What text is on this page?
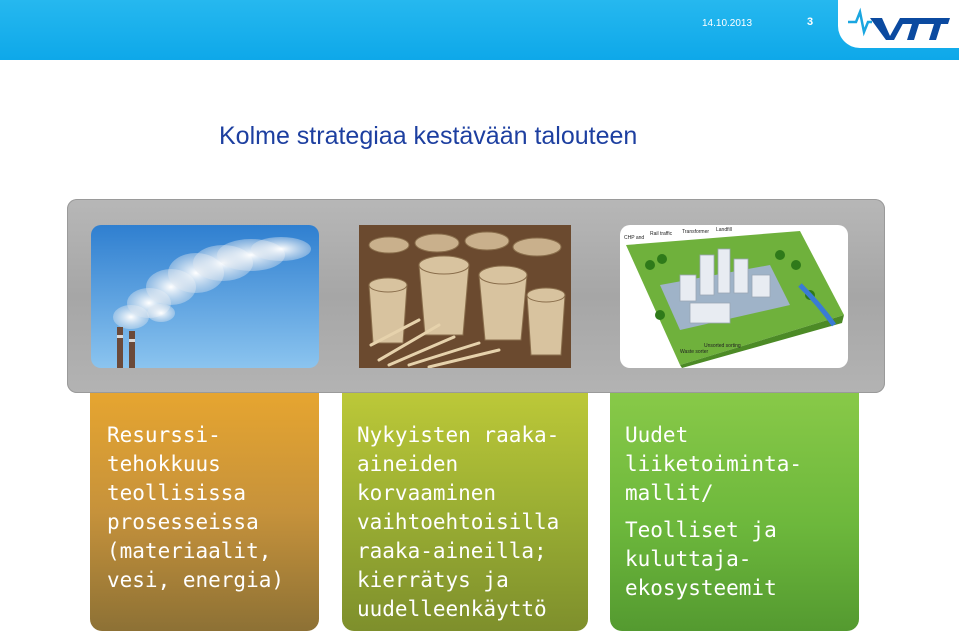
14.10.2013	3
Kolme strategiaa kestävään talouteen
CHP and
Rail traffic Transformer Landfill
Waste sorter
Unsorted sorting
Resurssi-
tehokkuus
teollisissa
prosesseissa
(materiaalit,
vesi, energia)
Nykyisten raaka-
aineiden
korvaaminen
vaihtoehtoisilla
raaka-aineilla;
kierrätys ja
uudelleenkäyttö
Uudet
liiketoiminta-
mallit/
Teolliset ja
kuluttaja-
ekosysteemit
